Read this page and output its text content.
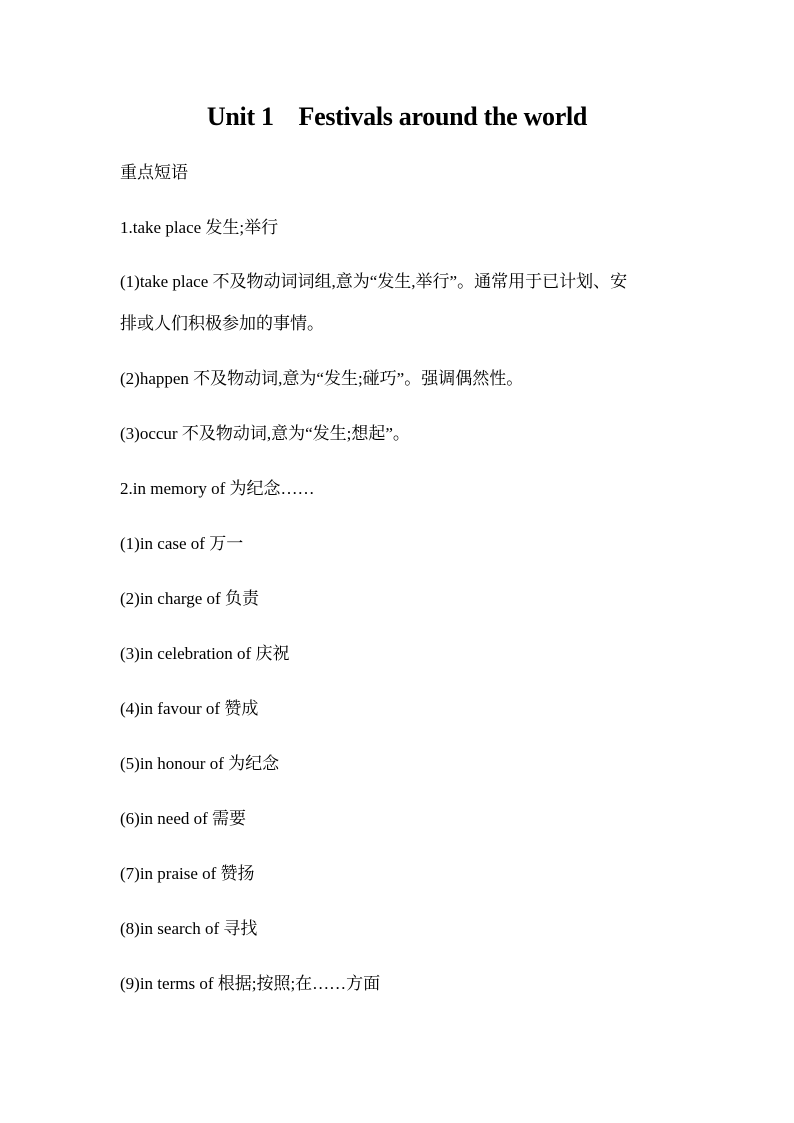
Unit 1    Festivals around the world
重点短语
1.take place 发生;举行
(1)take place 不及物动词词组,意为“发生,举行”。通常用于已计划、安
排或人们积极参加的事情。
(2)happen 不及物动词,意为“发生;碰巧”。强调偶然性。
(3)occur 不及物动词,意为“发生;想起”。
2.in memory of 为纪念……
(1)in case of 万一
(2)in charge of 负责
(3)in celebration of 庆祝
(4)in favour of 赞成
(5)in honour of 为纪念
(6)in need of 需要
(7)in praise of 赞扬
(8)in search of 寻找
(9)in terms of 根据;按照;在……方面
